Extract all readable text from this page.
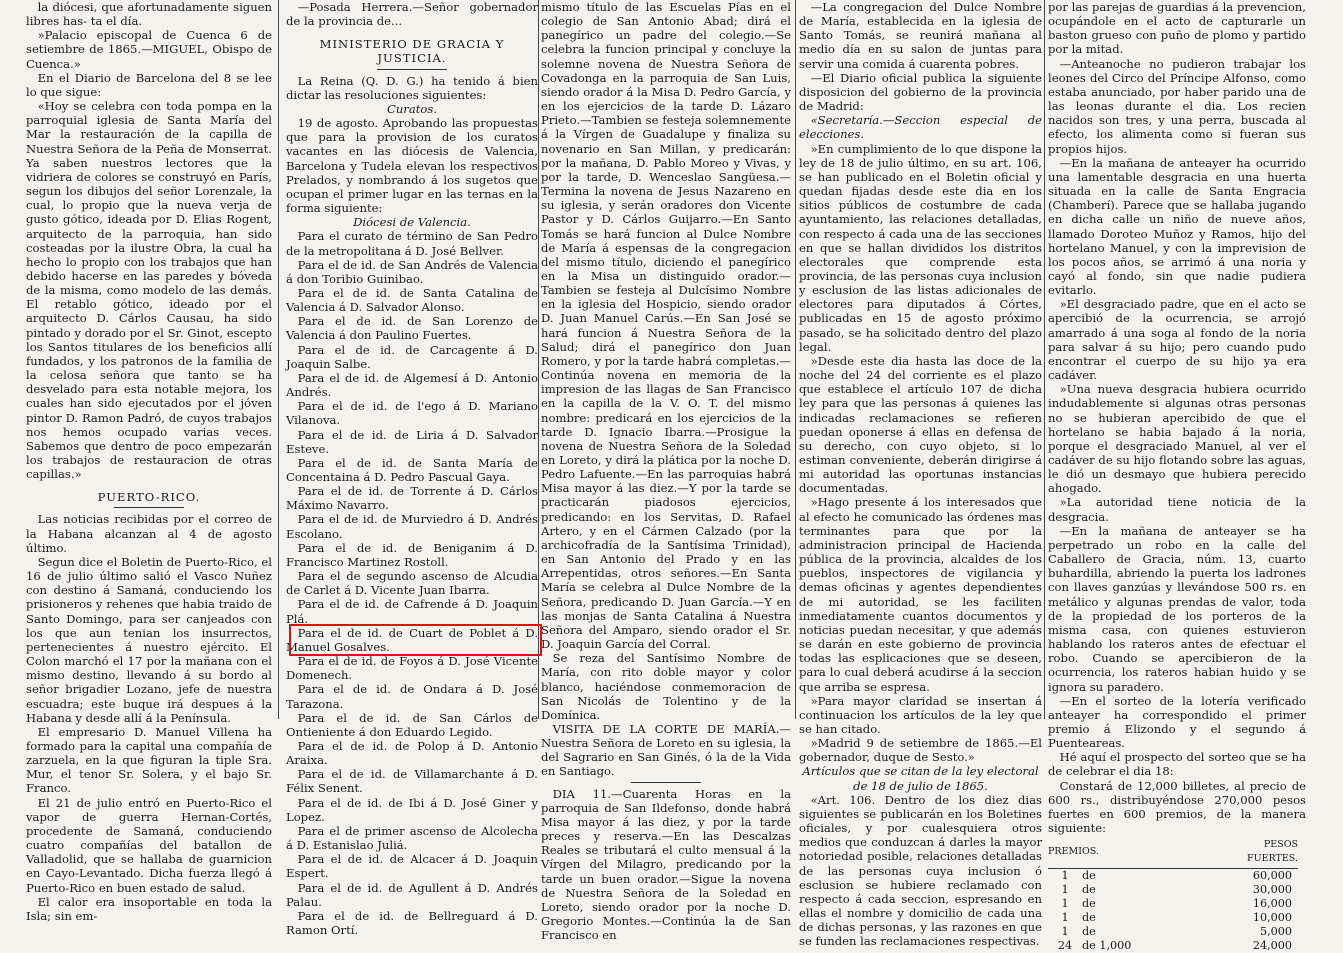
la diócesi, que afortunadamente siguen libres has- ta el día.

»Palacio episcopal de Cuenca 6 de setiembre de 1865.—MIGUEL, Obispo de Cuenca.»

En el Diario de Barcelona del 8 se lee lo que sigue:

«Hoy se celebra con toda pompa en la parroquial iglesia de Santa María del Mar la restauración de la capilla de Nuestra Señora de la Peña de Monserrat. Ya saben nuestros lectores que la vidriera de colores se construyó en París, segun los dibujos del señor Lorenzale, la cual, lo propio que la nueva verja de gusto gótico, ideada por D. Elias Rogent, arquitecto de la parroquia, han sido costeadas por la ilustre Obra, la cual ha hecho lo propio con los trabajos que han debido hacerse en las paredes y bóveda de la misma, como modelo de las demás. El retablo gótico, ideado por el arquitecto D. Cárlos Causau, ha sido pintado y dorado por el Sr. Ginot, escepto los Santos titulares de los beneficios allí fundados, y los patronos de la familia de la celosa señora que tanto se ha desvelado para esta notable mejora, los cuales han sido ejecutados por el jóven pintor D. Ramon Padró, de cuyos trabajos nos hemos ocupado varias veces. Sabemos que dentro de poco empezarán los trabajos de restauracion de otras capillas.»

PUERTO-RICO.

Las noticias recibidas por el correo de la Habana alcanzan al 4 de agosto último.

Segun dice el Boletin de Puerto-Rico, el 16 de julio último salió el Vasco Nuñez con destino á Samaná, conduciendo los prisioneros y rehenes que habia traido de Santo Domingo, para ser canjeados con los que aun tenian los insurrectos, pertenecientes á nuestro ejército. El Colon marchó el 17 por la mañana con el mismo destino, llevando á su bordo al señor brigadier Lozano, jefe de nuestra escuadra; este buque irá despues á la Habana y desde allí á la Península.

El empresario D. Manuel Villena ha formado para la capital una compañía de zarzuela, en la que figuran la tiple Sra. Mur, el tenor Sr. Solera, y el bajo Sr. Franco.

El 21 de julio entró en Puerto-Rico el vapor de guerra Hernan-Cortés, procedente de Samaná, conduciendo cuatro compañías del batallon de Valladolid, que se hallaba de guarnicion en Cayo-Levantado. Dicha fuerza llegó á Puerto-Rico en buen estado de salud.

El calor era insoportable en toda la Isla; sin em-

—Posada Herrera.—Señor gobernador de la provincia de...

MINISTERIO DE GRACIA Y JUSTICIA.

La Reina (Q. D. G.) ha tenido á bien dictar las resoluciones siguientes:

Curatos.

19 de agosto. Aprobando las propuestas que para la provision de los curatos vacantes en las diócesis de Valencia, Barcelona y Tudela elevan los respectivos Prelados, y nombrando á los sugetos que ocupan el primer lugar en las ternas en la forma siguiente:

Diócesi de Valencia.

Para el curato de término de San Pedro de la metropolitana á D. José Bellver.

Para el de id. de San Andrés de Valencia á don Toribio Guinibao.

Para el de id. de Santa Catalina de Valencia á D. Salvador Alonso.

Para el de id. de San Lorenzo de Valencia á don Paulino Fuertes.

Para el de id. de Carcagente á D. Joaquin Salbe.

Para el de id. de Algemesí á D. Antonio Andrés.

Para el de id. de l'ego á D. Mariano Vilanova.

Para el de id. de Liria á D. Salvador Esteve.

Para el de id. de Santa María de Concentaina á D. Pedro Pascual Gaya.

Para el de id. de Torrente á D. Cárlos Máximo Navarro.

Para el de id. de Murviedro á D. Andrés Escolano.

Para el de id. de Beniganim á D. Francisco Martinez Rostoll.

Para el de segundo ascenso de Alcudia de Carlet á D. Vicente Juan Ibarra.

Para el de id. de Cafrende á D. Joaquin Plá.

Para el de id. de Cuart de Poblet á D. Manuel Gosalves.

Para el de id. de Foyos á D. José Vicente Domenech.

Para el de id. de Ondara á D. José Tarazona.

Para el de id. de San Cárlos de Ontieniente á don Eduardo Legido.

Para el de id. de Polop á D. Antonio Araixa.

Para el de id. de Villamarchante á D. Félix Senent.

Para el de id. de Ibi á D. José Giner y Lopez.

Para el de primer ascenso de Alcolecha á D. Estanislao Juliá.

Para el de id. de Alcacer á D. Joaquin Espert.

Para el de id. de Agullent á D. Andrés Palau.

Para el de id. de Bellreguard á D. Ramon Ortí.

mismo título de las Escuelas Pías en el colegio de San Antonio Abad; dirá el panegírico un padre del colegio.—Se celebra la funcion principal y concluye la solemne novena de Nuestra Señora de Covadonga en la parroquia de San Luis, siendo orador á la Misa D. Pedro García, y en los ejercicios de la tarde D. Lázaro Prieto.—Tambien se festeja solemnemente á la Vírgen de Guadalupe y finaliza su novenario en San Millan, y predicarán: por la mañana, D. Pablo Moreo y Vivas, y por la tarde, D. Wenceslao Sangüesa.—Termina la novena de Jesus Nazareno en su iglesia, y serán oradores don Vicente Pastor y D. Cárlos Guijarro.—En Santo Tomás se hará funcion al Dulce Nombre de María á espensas de la congregacion del mismo título, diciendo el panegírico en la Misa un distinguido orador.—Tambien se festeja al Dulcísimo Nombre en la iglesia del Hospicio, siendo orador D. Juan Manuel Carús.—En San José se hará funcion á Nuestra Señora de la Salud; dirá el panegírico don Juan Romero, y por la tarde habrá completas.—Continúa novena en memoria de la impresion de las llagas de San Francisco en la capilla de la V. O. T. del mismo nombre: predicará en los ejercicios de la tarde D. Ignacio Ibarra.—Prosigue la novena de Nuestra Señora de la Soledad en Loreto, y dirá la plática por la noche D. Pedro Lafuente.—En las parroquias habrá Misa mayor á las diez.—Y por la tarde se practicarán piadosos ejercicios, predicando: en los Servitas, D. Rafael Artero, y en el Cármen Calzado (por la archicofradía de la Santísima Trinidad), en San Antonio del Prado y en las Arrepentidas, otros señores.—En Santa María se celebra al Dulce Nombre de la Señora, predicando D. Juan García.—Y en las monjas de Santa Catalina á Nuestra Señora del Amparo, siendo orador el Sr. D. Joaquin García del Corral.

Se reza del Santísimo Nombre de María, con rito doble mayor y color blanco, haciéndose conmemoracion de San Nicolás de Tolentino y de la Domínica.

VISITA DE LA CORTE DE MARÍA.—Nuestra Señora de Loreto en su iglesia, la del Sagrario en San Ginés, ó la de la Vida en Santiago.

DIA 11.—Cuarenta Horas en la parroquia de San Ildefonso, donde habrá Misa mayor á las diez, y por la tarde preces y reserva.—En las Descalzas Reales se tributará el culto mensual á la Vírgen del Milagro, predicando por la tarde un buen orador.—Sigue la novena de Nuestra Señora de la Soledad en Loreto, siendo orador por la noche D. Gregorio Montes.—Continúa la de San Francisco en

—La congregacion del Dulce Nombre de María, establecida en la iglesia de Santo Tomás, se reunirá mañana al medio día en su salon de juntas para servir una comida á cuarenta pobres.

—El Diario oficial publica la siguiente disposicion del gobierno de la provincia de Madrid:

«Secretaría.—Seccion especial de elecciones.

»En cumplimiento de lo que dispone la ley de 18 de julio último, en su art. 106, se han publicado en el Boletin oficial y quedan fijadas desde este dia en los sitios públicos de costumbre de cada ayuntamiento, las relaciones detalladas, con respecto á cada una de las secciones en que se hallan divididos los distritos electorales que comprende esta provincia, de las personas cuya inclusion y esclusion de las listas adicionales de electores para diputados á Córtes, publicadas en 15 de agosto próximo pasado, se ha solicitado dentro del plazo legal.

»Desde este dia hasta las doce de la noche del 24 del corriente es el plazo que establece el artículo 107 de dicha ley para que las personas á quienes las indicadas reclamaciones se refieren puedan oponerse á ellas en defensa de su derecho, con cuyo objeto, si lo estiman conveniente, deberán dirigirse á mi autoridad las oportunas instancias documentadas.

»Hago presente á los interesados que al efecto he comunicado las órdenes mas terminantes para que por la administracion principal de Hacienda pública de la provincia, alcaldes de los pueblos, inspectores de vigilancia y demas oficinas y agentes dependientes de mi autoridad, se les faciliten inmediatamente cuantos documentos y noticias puedan necesitar, y que además se darán en este gobierno de provincia todas las esplicaciones que se deseen, para lo cual deberá acudirse á la seccion que arriba se espresa.

»Para mayor claridad se insertan á continuacion los artículos de la ley que se han citado.

»Madrid 9 de setiembre de 1865.—El gobernador, duque de Sesto.»

Artículos que se citan de la ley electoral de 18 de julio de 1865.

«Art. 106. Dentro de los diez dias siguientes se publicarán en los Boletines oficiales, y por cualesquiera otros medios que conduzcan á darles la mayor notoriedad posible, relaciones detalladas de las personas cuya inclusion ó esclusion se hubiere reclamado con respecto á cada seccion, espresando en ellas el nombre y domicilio de cada una de dichas personas, y las razones en que se funden las reclamaciones respectivas.

por las parejas de guardias á la prevencion, ocupándole en el acto de capturarle un baston grueso con puño de plomo y partido por la mitad.

—Anteanoche no pudieron trabajar los leones del Circo del Príncipe Alfonso, como estaba anunciado, por haber parido una de las leonas durante el dia. Los recien nacidos son tres, y una perra, buscada al efecto, los alimenta como si fueran sus propios hijos.

—En la mañana de anteayer ha ocurrido una lamentable desgracia en una huerta situada en la calle de Santa Engracia (Chamberí). Parece que se hallaba jugando en dicha calle un niño de nueve años, llamado Doroteo Muñoz y Ramos, hijo del hortelano Manuel, y con la imprevision de los pocos años, se arrimó á una noria y cayó al fondo, sin que nadie pudiera evitarlo.

»El desgraciado padre, que en el acto se apercibió de la ocurrencia, se arrojó amarrado á una soga al fondo de la noria para salvar á su hijo; pero cuando pudo encontrar el cuerpo de su hijo ya era cadáver.

»Una nueva desgracia hubiera ocurrido indudablemente si algunas otras personas no se hubieran apercibido de que el hortelano se habia bajado á la noria, porque el desgraciado Manuel, al ver el cadáver de su hijo flotando sobre las aguas, le dió un desmayo que hubiera perecido ahogado.

»La autoridad tiene noticia de la desgracia.

—En la mañana de anteayer se ha perpetrado un robo en la calle del Caballero de Gracia, núm. 13, cuarto buhardilla, abriendo la puerta los ladrones con llaves ganzúas y llevándose 500 rs. en metálico y algunas prendas de valor, toda de la propiedad de los porteros de la misma casa, con quienes estuvieron hablando los rateros antes de efectuar el robo. Cuando se apercibieron de la ocurrencia, los rateros habian huido y se ignora su paradero.

—En el sorteo de la lotería verificado anteayer ha correspondido el primer premio á Elizondo y el segundo á Puenteareas.

Hé aquí el prospecto del sorteo que se ha de celebrar el dia 18:

Constará de 12,000 billetes, al precio de 600 rs., distribuyéndose 270,000 pesos fuertes en 600 premios, de la manera siguiente:

PREMIOS.		PESOS FUERTES.
1	de	60,000
1	de	30,000
1	de	16,000
1	de	10,000
1	de	5,000
24	de 1,000	24,000
